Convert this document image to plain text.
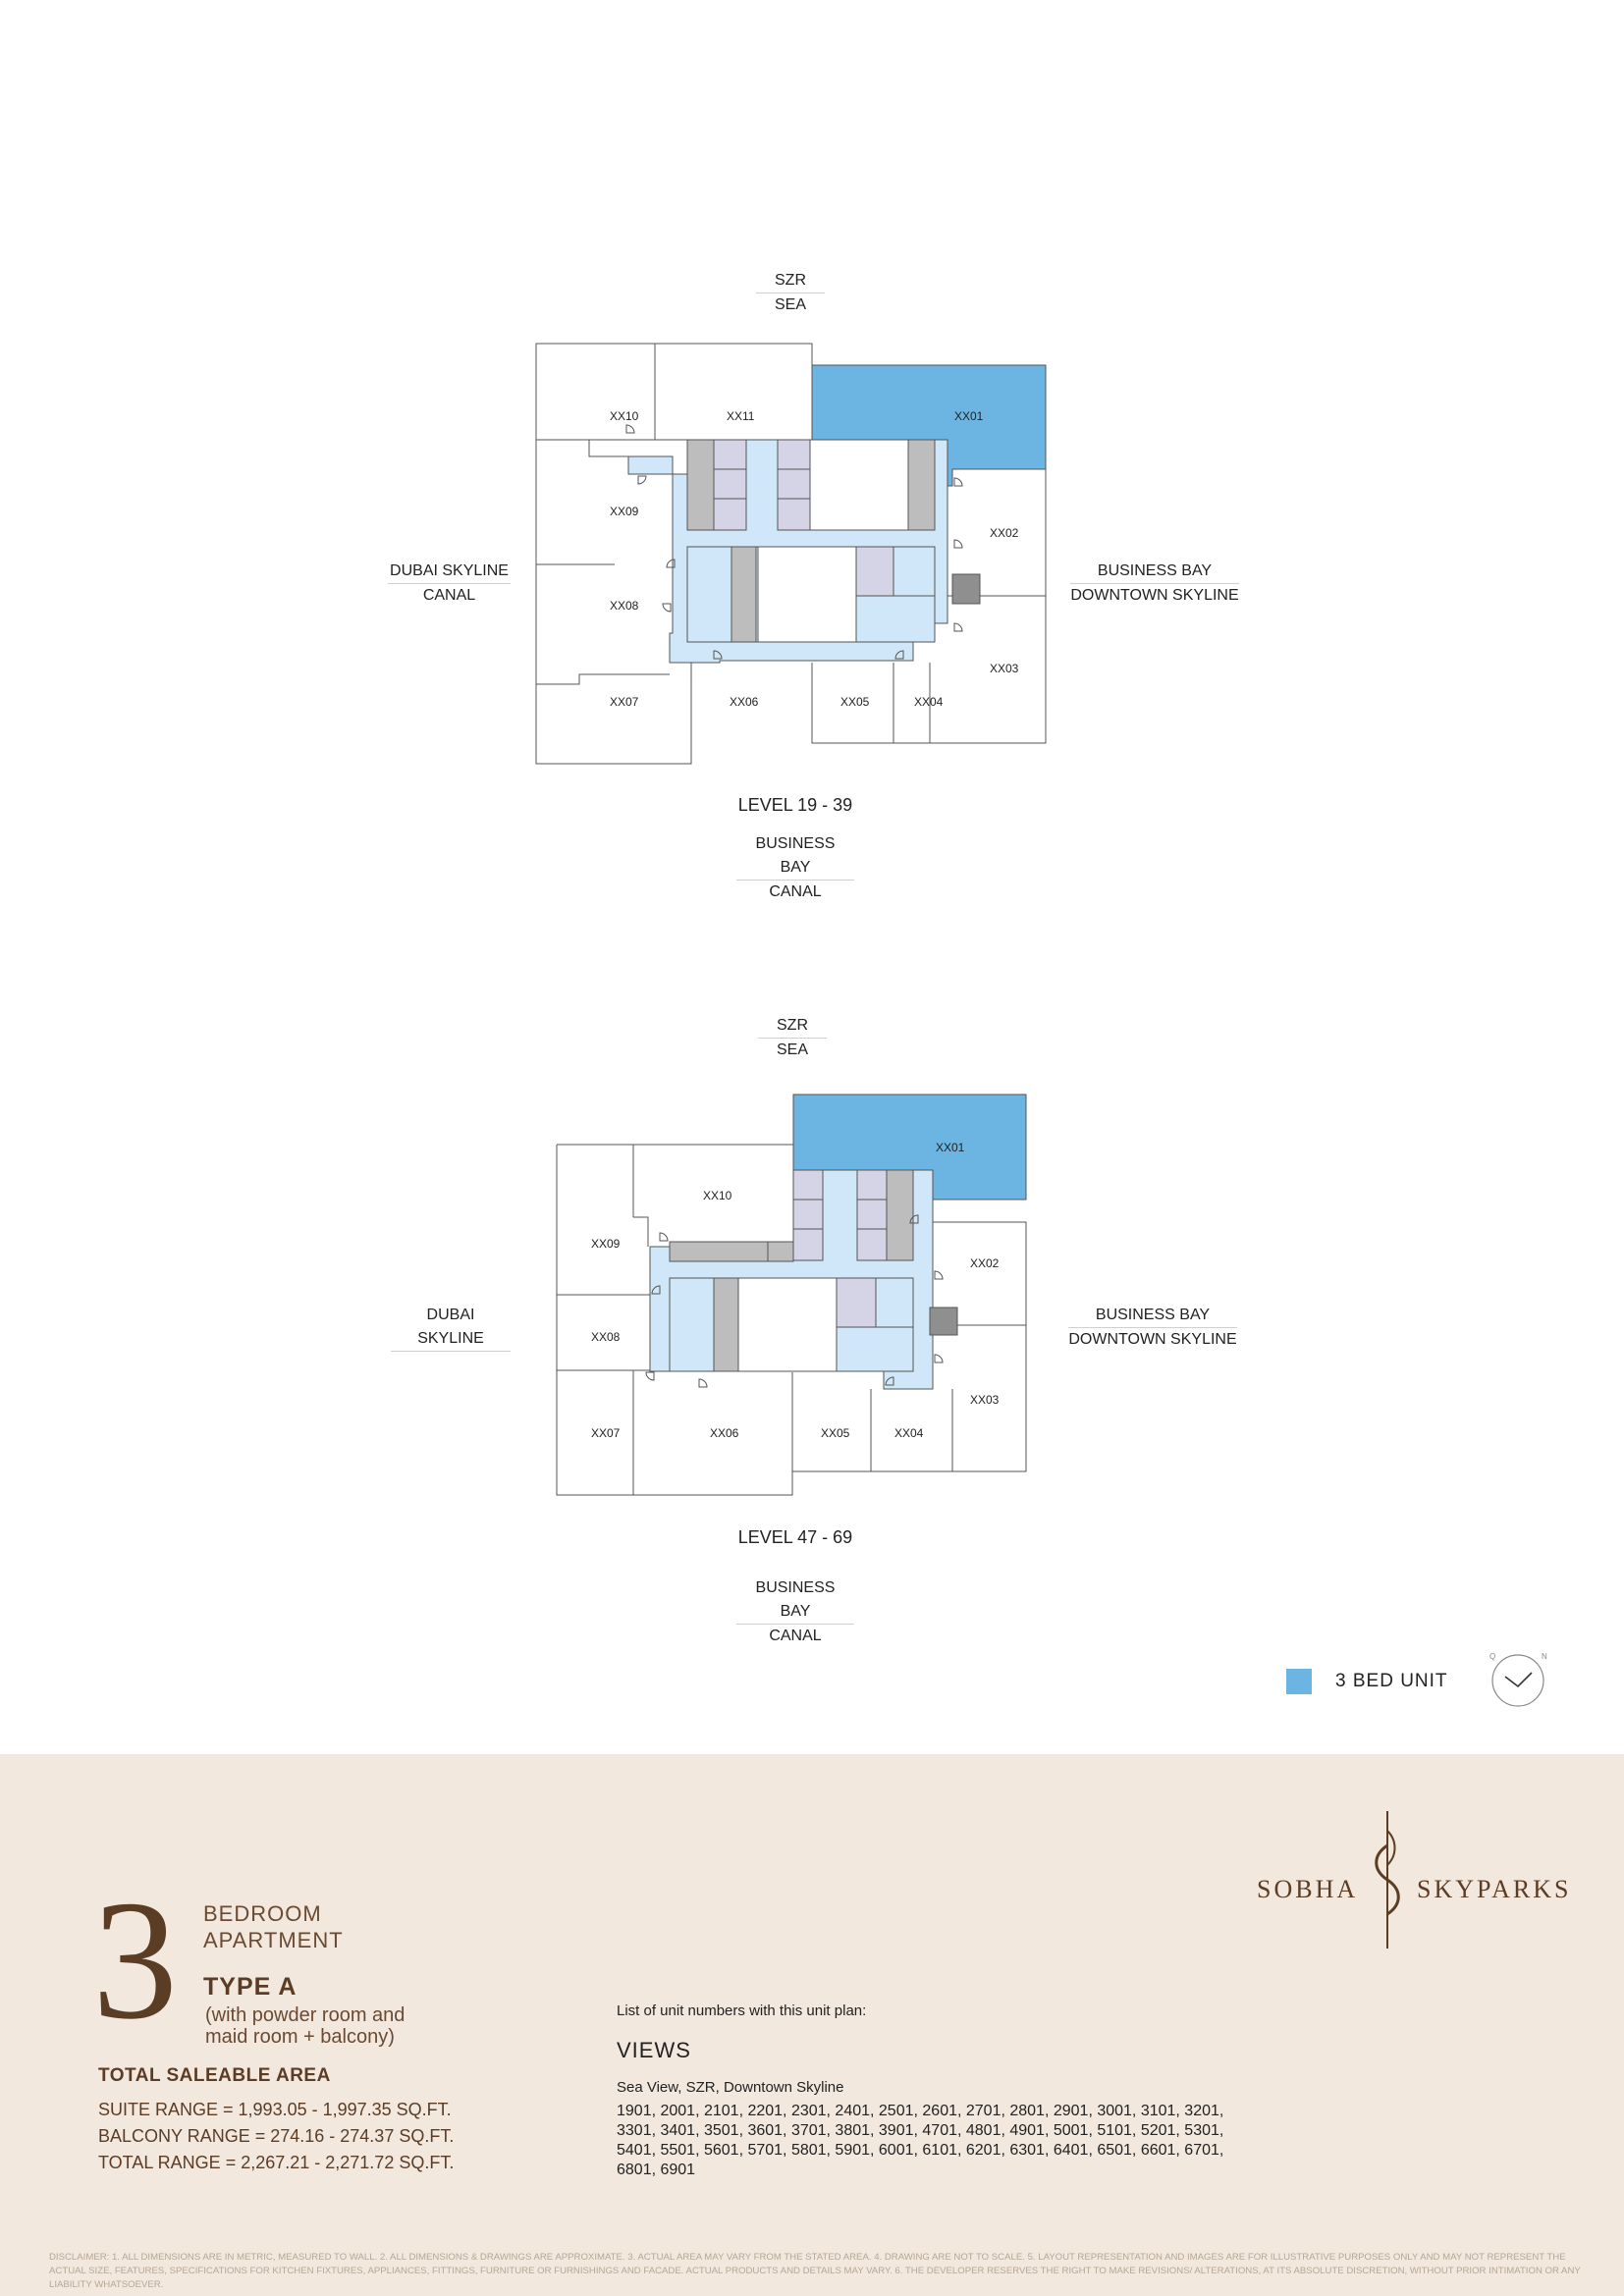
SZR
SEA
DUBAI SKYLINE
CANAL
BUSINESS BAY
DOWNTOWN SKYLINE
XX10	XX11	XX01
XX09
XX02
XX08
XX03
XX07	XX06	XX05	XX04
LEVEL 19 - 39
BUSINESS BAY
CANAL
SZR
SEA
DUBAI SKYLINE
BUSINESS BAY
DOWNTOWN SKYLINE
XX01
XX10
XX09
XX02
XX08
XX03
XX07	XX06	XX05	XX04
LEVEL 47 - 69
BUSINESS BAY
CANAL
3 BED UNIT
Q	N
3 BEDROOM
APARTMENT
TYPE A
(with powder room and
maid room + balcony)
TOTAL SALEABLE AREA
SUITE RANGE = 1,993.05 - 1,997.35 SQ.FT.
BALCONY RANGE = 274.16 - 274.37 SQ.FT.
TOTAL RANGE = 2,267.21 - 2,271.72 SQ.FT.
List of unit numbers with this unit plan:
VIEWS
Sea View, SZR, Downtown Skyline
1901, 2001, 2101, 2201, 2301, 2401, 2501, 2601, 2701, 2801, 2901, 3001, 3101, 3201, 3301, 3401, 3501, 3601, 3701, 3801, 3901, 4701, 4801, 4901, 5001, 5101, 5201, 5301, 5401, 5501, 5601, 5701, 5801, 5901, 6001, 6101, 6201, 6301, 6401, 6501, 6601, 6701, 6801, 6901
SOBHA SKYPARKS
DISCLAIMER: 1. ALL DIMENSIONS ARE IN METRIC, MEASURED TO WALL. 2. ALL DIMENSIONS & DRAWINGS ARE APPROXIMATE. 3. ACTUAL AREA MAY VARY FROM THE STATED AREA. 4. DRAWING ARE NOT TO SCALE. 5. LAYOUT REPRESENTATION AND IMAGES ARE FOR ILLUSTRATIVE PURPOSES ONLY AND MAY NOT REPRESENT THE ACTUAL SIZE, FEATURES, SPECIFICATIONS FOR KITCHEN FIXTURES, APPLIANCES, FITTINGS, FURNITURE OR FURNISHINGS AND FACADE. ACTUAL PRODUCTS AND DETAILS MAY VARY. 6. THE DEVELOPER RESERVES THE RIGHT TO MAKE REVISIONS/ ALTERATIONS, AT ITS ABSOLUTE DISCRETION, WITHOUT PRIOR INTIMATION OR ANY LIABILITY WHATSOEVER.
